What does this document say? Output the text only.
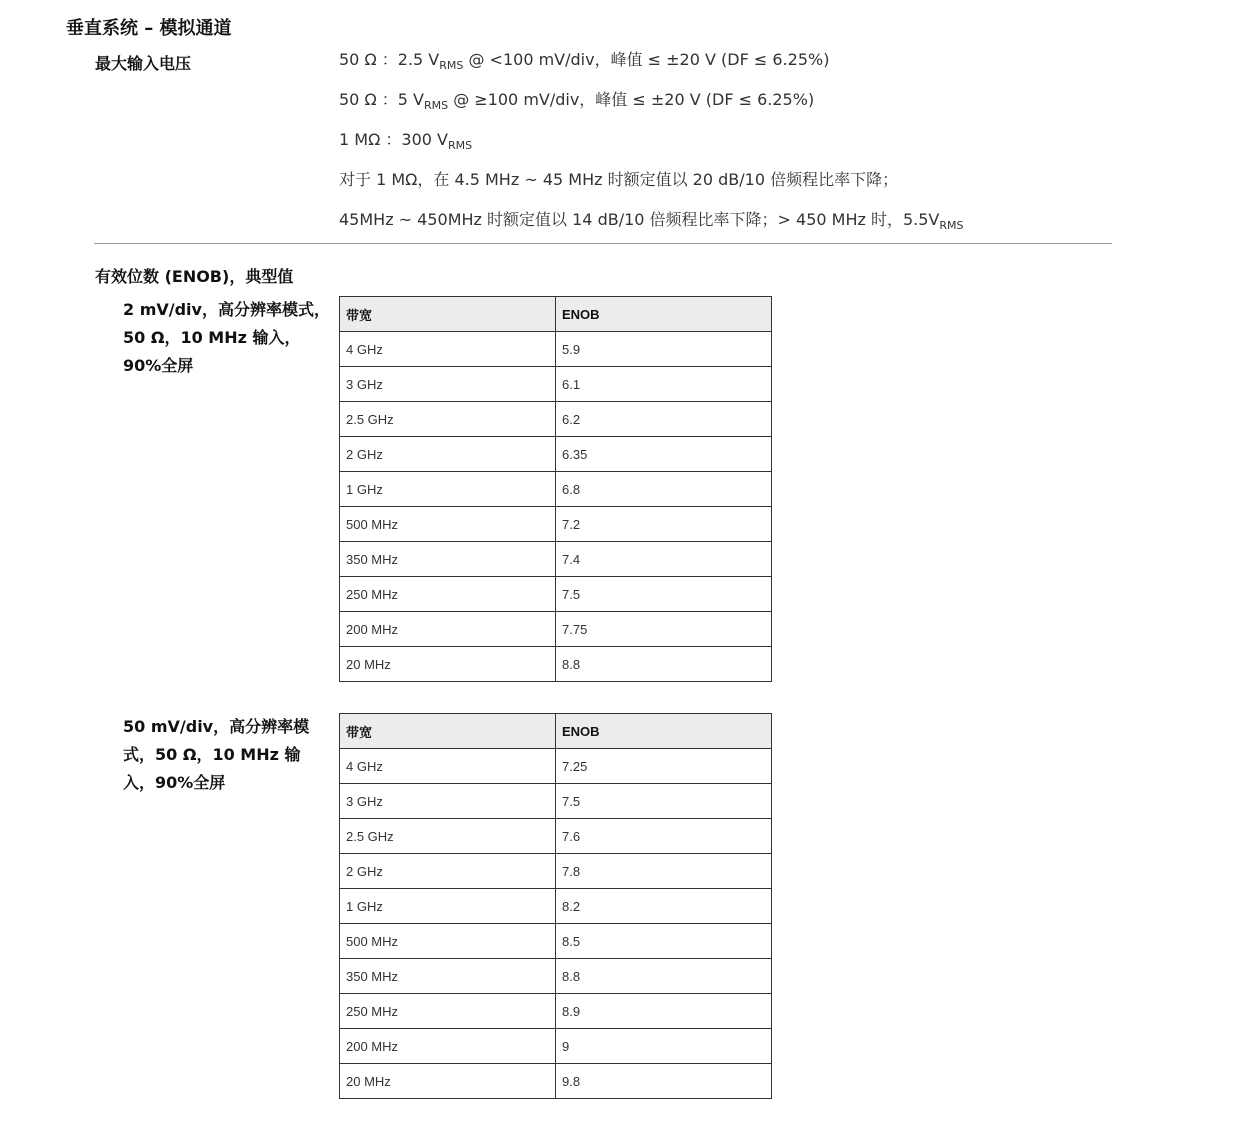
垂直系统 – 模拟通道
最大输入电压	50 Ω ：2.5 $V_{RMS}$ @ <100 mV/div，峰值 ≤ ±20 V (DF ≤ 6.25%)
50 Ω ：5 $V_{RMS}$ @ ≥100 mV/div，峰值 ≤ ±20 V (DF ≤ 6.25%)
1 MΩ ：300 $V_{RMS}$
对于 1 MΩ，在 4.5 MHz ~ 45 MHz 时额定值以 20 dB/10 倍频程比率下降；
45MHz ~ 450MHz 时额定值以 14 dB/10 倍频程比率下降；> 450 MHz 时，$5.5V_{RMS}$
有效位数 (ENOB)，典型值
2 mV/div，高分辨率模式，50 Ω，10 MHz 输入，90%全屏
带宽	ENOB
4 GHz	5.9
3 GHz	6.1
2.5 GHz	6.2
2 GHz	6.35
1 GHz	6.8
500 MHz	7.2
350 MHz	7.4
250 MHz	7.5
200 MHz	7.75
20 MHz	8.8
50 mV/div，高分辨率模式，50 Ω，10 MHz 输入，90%全屏
带宽	ENOB
4 GHz	7.25
3 GHz	7.5
2.5 GHz	7.6
2 GHz	7.8
1 GHz	8.2
500 MHz	8.5
350 MHz	8.8
250 MHz	8.9
200 MHz	9
20 MHz	9.8
